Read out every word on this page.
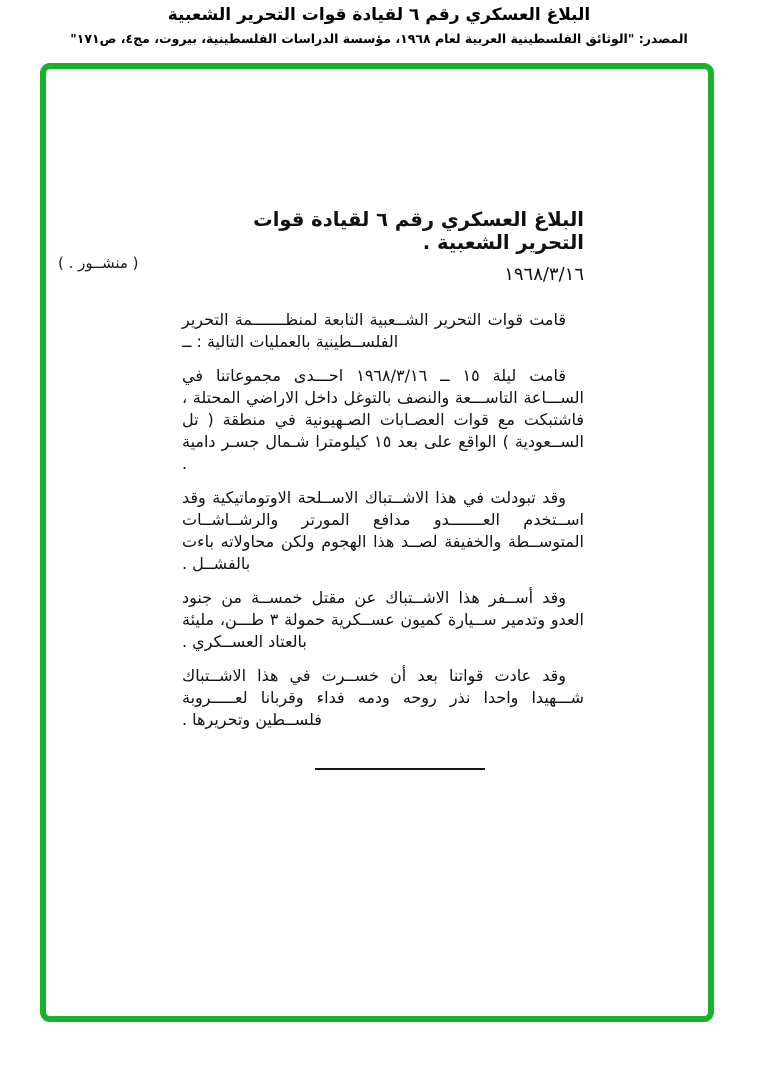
البلاغ العسكري رقم ٦ لقيادة قوات التحرير الشعبية
المصدر: "الوثائق الفلسطينية العربية لعام ١٩٦٨، مؤسسة الدراسات الفلسطينية، بيروت، مج٤، ص١٧١"
( منشــور . )
البلاغ العسكري رقم ٦ لقيادة قوات التحرير الشعبية .
١٩٦٨/٣/١٦

قامت قوات التحرير الشــعبية التابعة لمنظـــــــمة التحرير الفلســطينية بالعمليات التالية : ــ

قامت ليلة ١٥ ــ ١٩٦٨/٣/١٦ احـــدى مجموعاتنا في الســـاعة التاســـعة والنصف بالتوغل داخل الاراضي المحتلة ، فاشتبكت مع قوات العصـابات الصـهيونية في منطقة ( تل الســعودية ) الواقع على بعد ١٥ كيلومترا شـمال جسـر دامية .

وقد تبودلت في هذا الاشــتباك الاســلحة الاوتوماتيكية وقد اســتخدم العـــــــدو مدافع المورتر والرشــاشــات المتوســطة والخفيفة لصــد هذا الهجوم ولكن محاولاته باءت بالفشــل .

وقد أســفر هذا الاشــتباك عن مقتل خمســة من جنود العدو وتدمير ســيارة كميون عســكرية حمولة ٣ طـــن، مليئة بالعتاد العســكري .

وقد عادت قواتنا بعد أن خســرت في هذا الاشــتباك شـــهيدا واحدا نذر روحه ودمه فداء وقربانا لعـــــروبة فلســطين وتحريرها .
